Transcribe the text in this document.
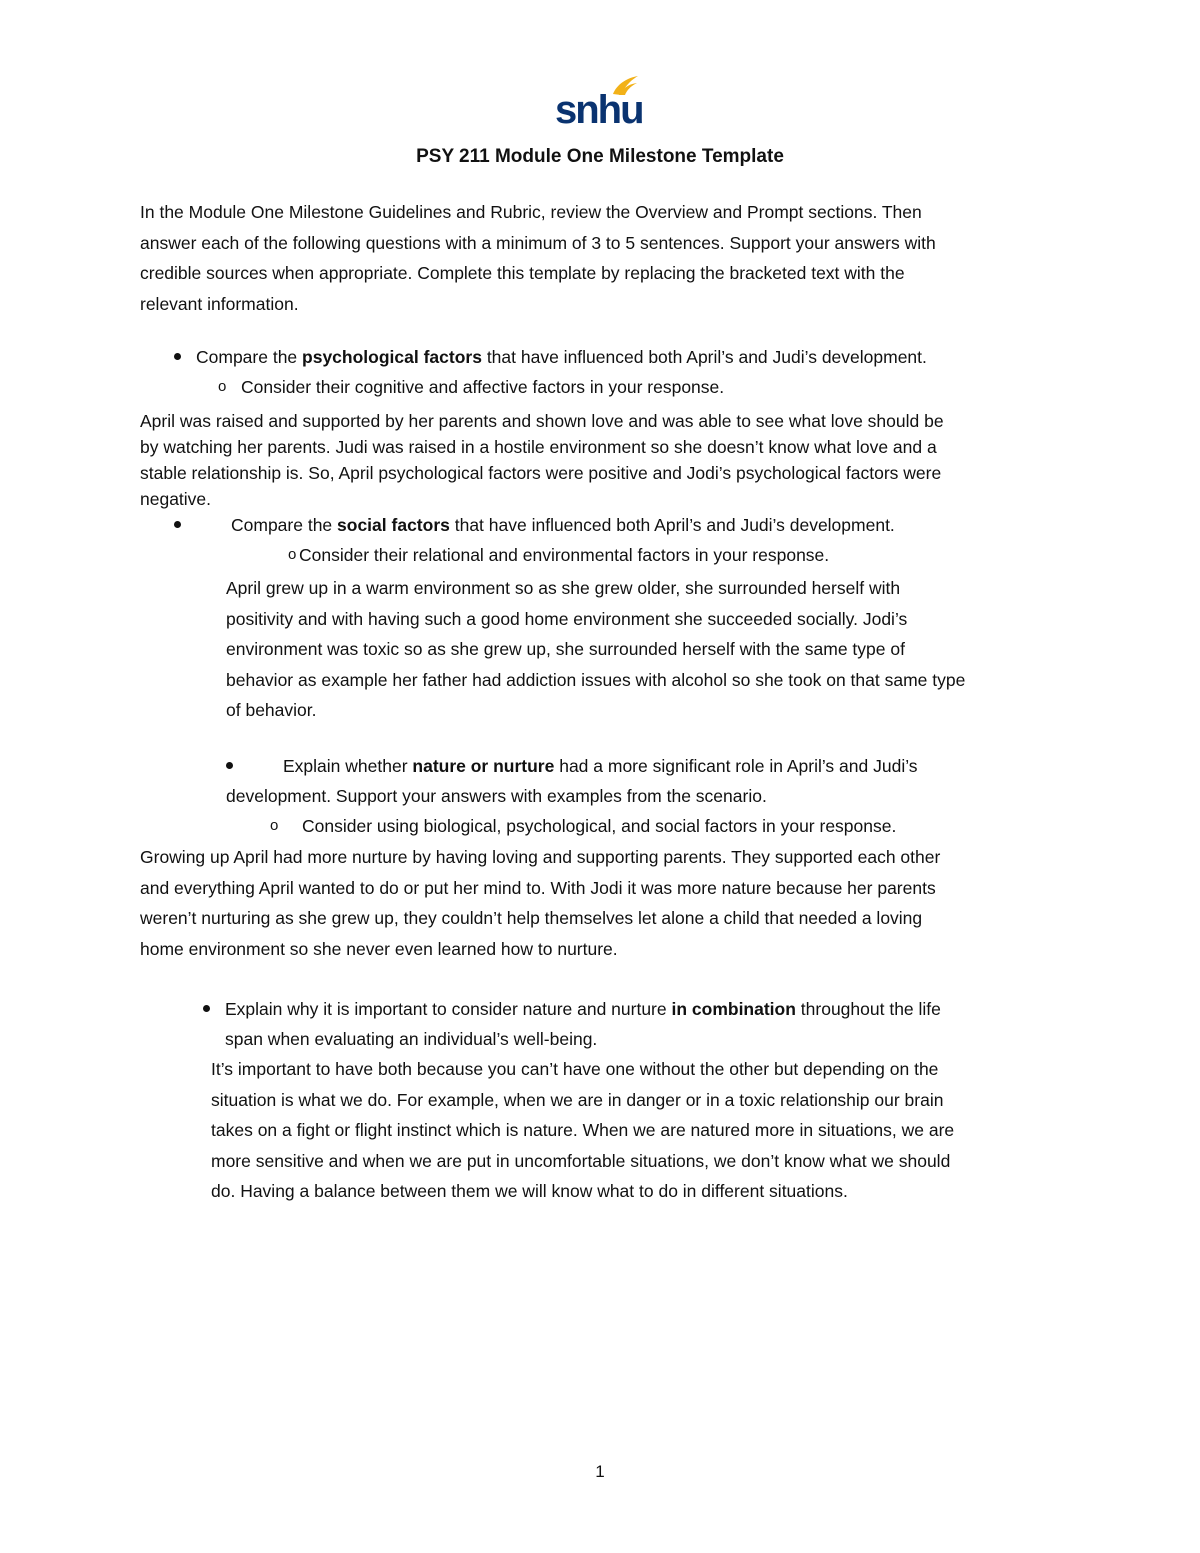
snhu
PSY 211 Module One Milestone Template
In the Module One Milestone Guidelines and Rubric, review the Overview and Prompt sections. Then
answer each of the following questions with a minimum of 3 to 5 sentences. Support your answers with
credible sources when appropriate. Complete this template by replacing the bracketed text with the
relevant information.
Compare the psychological factors that have influenced both April’s and Judi’s development.
o Consider their cognitive and affective factors in your response.
April was raised and supported by her parents and shown love and was able to see what love should be
by watching her parents. Judi was raised in a hostile environment so she doesn’t know what love and a
stable relationship is. So, April psychological factors were positive and Jodi’s psychological factors were
negative.
Compare the social factors that have influenced both April’s and Judi’s development.
o Consider their relational and environmental factors in your response.
April grew up in a warm environment so as she grew older, she surrounded herself with
positivity and with having such a good home environment she succeeded socially. Jodi’s
environment was toxic so as she grew up, she surrounded herself with the same type of
behavior as example her father had addiction issues with alcohol so she took on that same type
of behavior.
Explain whether nature or nurture had a more significant role in April’s and Judi’s
development. Support your answers with examples from the scenario.
o Consider using biological, psychological, and social factors in your response.
Growing up April had more nurture by having loving and supporting parents. They supported each other
and everything April wanted to do or put her mind to. With Jodi it was more nature because her parents
weren’t nurturing as she grew up, they couldn’t help themselves let alone a child that needed a loving
home environment so she never even learned how to nurture.
Explain why it is important to consider nature and nurture in combination throughout the life
span when evaluating an individual’s well-being.
It’s important to have both because you can’t have one without the other but depending on the
situation is what we do. For example, when we are in danger or in a toxic relationship our brain
takes on a fight or flight instinct which is nature. When we are natured more in situations, we are
more sensitive and when we are put in uncomfortable situations, we don’t know what we should
do. Having a balance between them we will know what to do in different situations.
1
